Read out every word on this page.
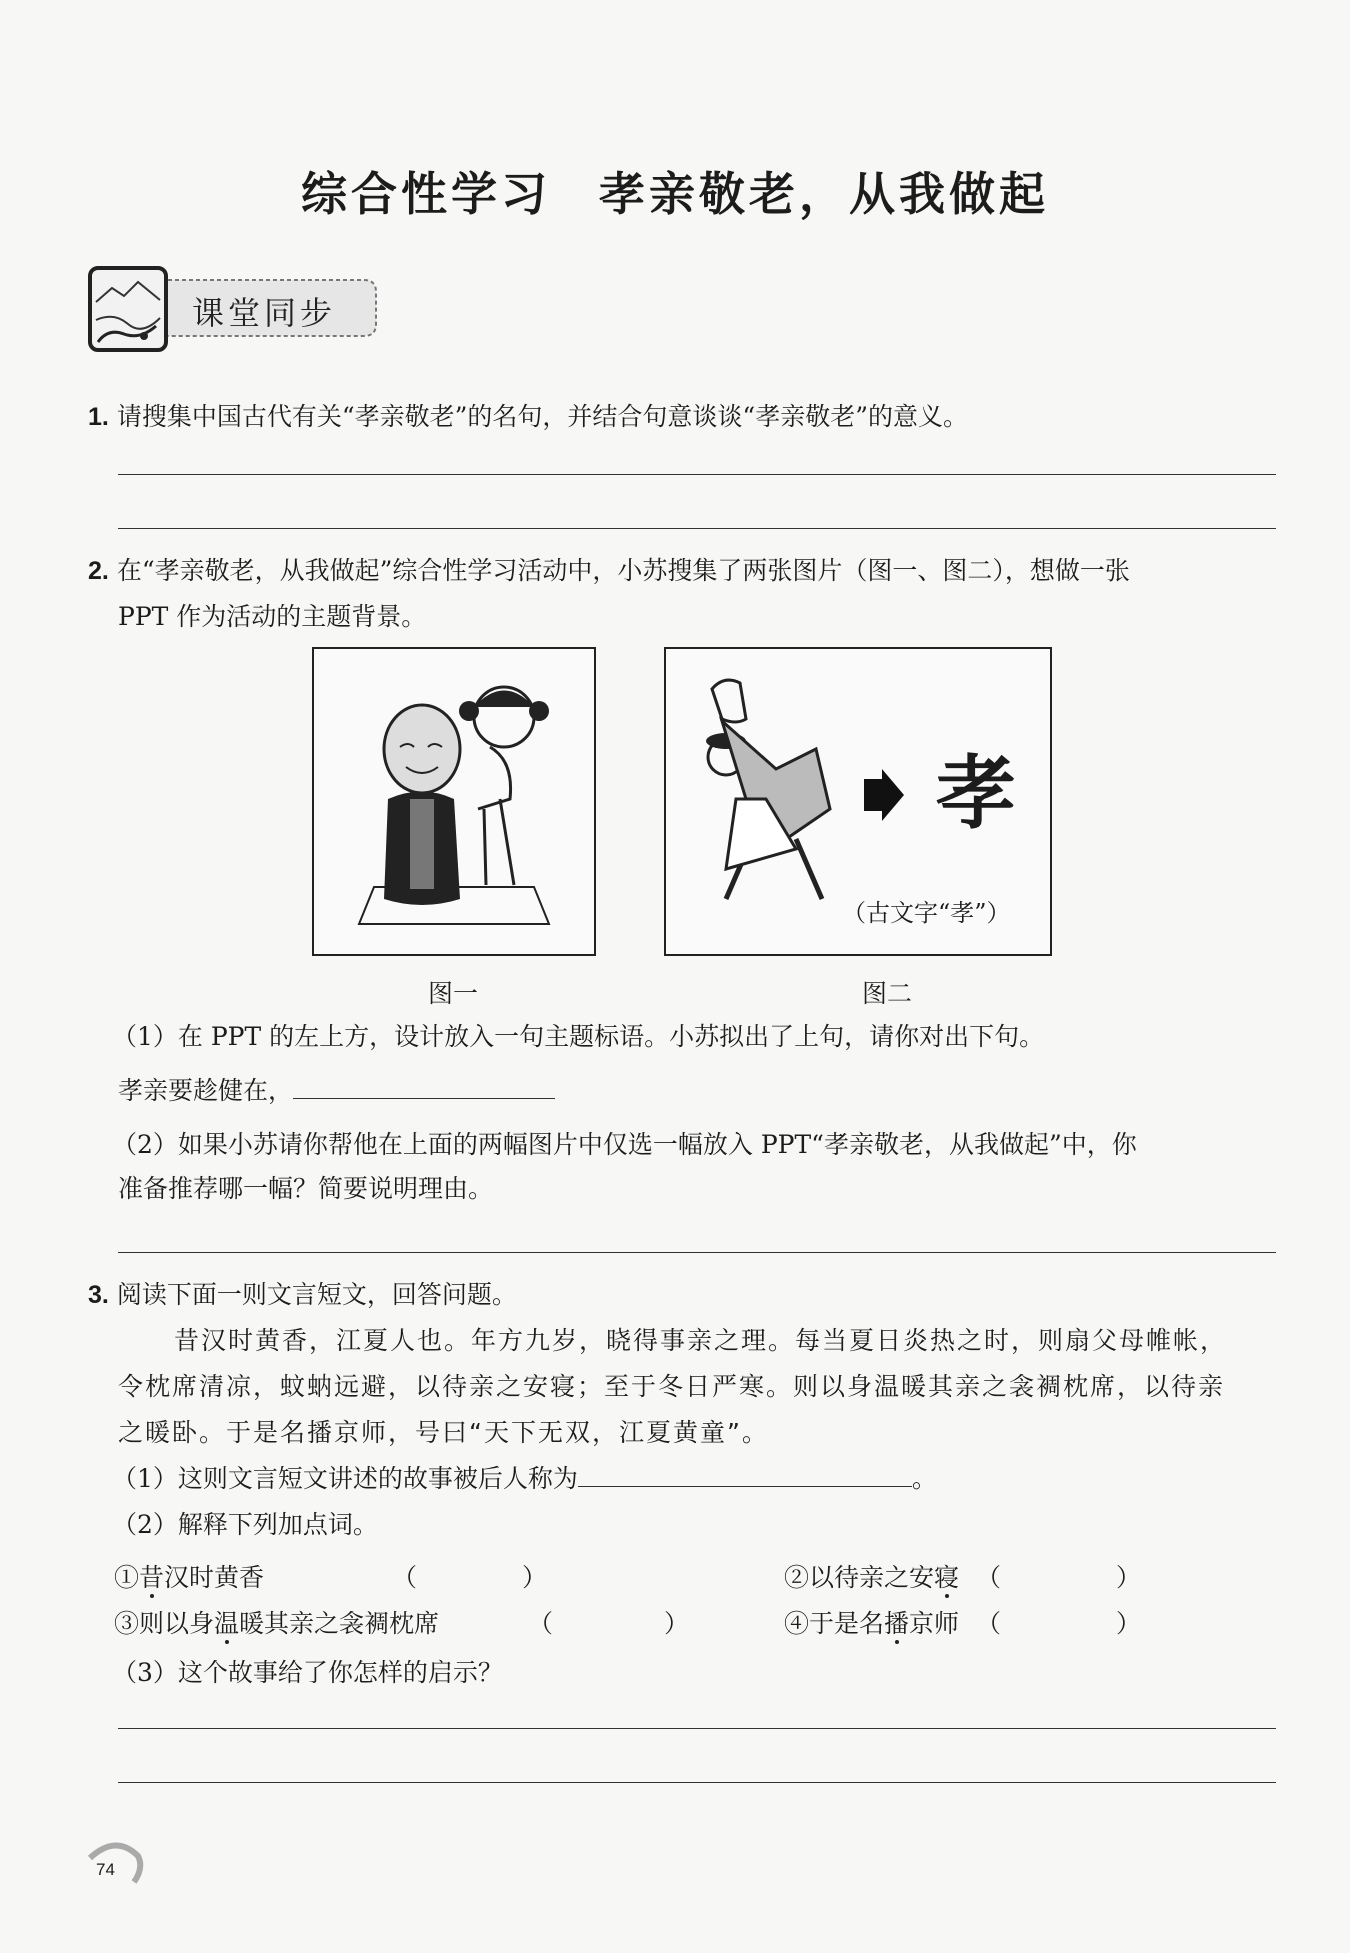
综合性学习 孝亲敬老，从我做起
课堂同步
1. 请搜集中国古代有关“孝亲敬老”的名句，并结合句意谈谈“孝亲敬老”的意义。
2. 在“孝亲敬老，从我做起”综合性学习活动中，小苏搜集了两张图片（图一、图二），想做一张
PPT 作为活动的主题背景。
孝
（古文字“孝”）
图一	图二
（1）在 PPT 的左上方，设计放入一句主题标语。小苏拟出了上句，请你对出下句。
孝亲要趁健在，
（2）如果小苏请你帮他在上面的两幅图片中仅选一幅放入 PPT“孝亲敬老，从我做起”中，你
准备推荐哪一幅？简要说明理由。
3. 阅读下面一则文言短文，回答问题。
昔汉时黄香，江夏人也。年方九岁，晓得事亲之理。每当夏日炎热之时，则扇父母帷帐，
令枕席清凉，蚊蚋远避，以待亲之安寝；至于冬日严寒。则以身温暖其亲之衾裯枕席，以待亲
之暖卧。于是名播京师，号曰“天下无双，江夏黄童”。
（1）这则文言短文讲述的故事被后人称为	。
（2）解释下列加点词。
①昔汉时黄香	（	）	②以待亲之安寝 （	）
③则以身温暖其亲之衾裯枕席	（	）	④于是名播京师 （	）
（3）这个故事给了你怎样的启示？
74
